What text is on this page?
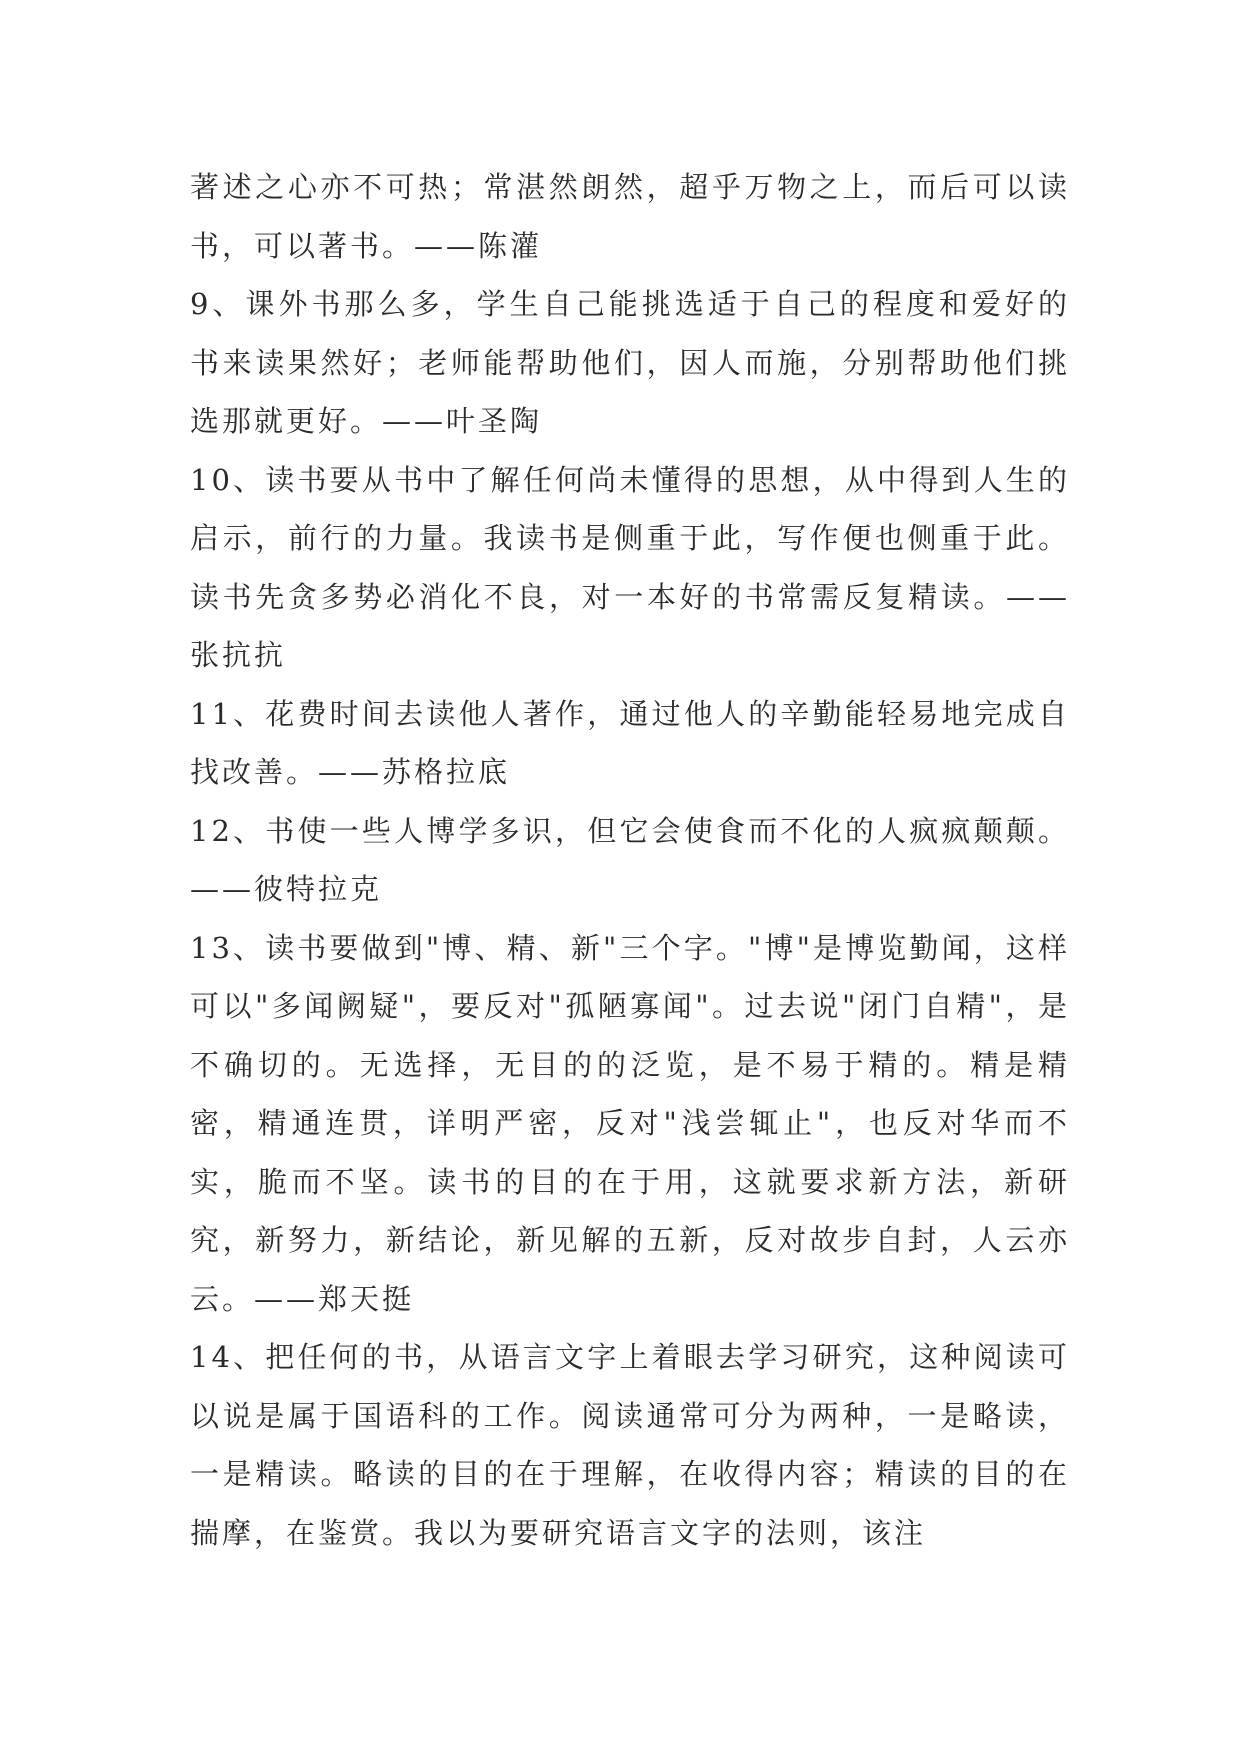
著述之心亦不可热；常湛然朗然，超乎万物之上，而后可以读书，可以著书。——陈灌

9、课外书那么多，学生自己能挑选适于自己的程度和爱好的书来读果然好；老师能帮助他们，因人而施，分别帮助他们挑选那就更好。——叶圣陶

10、读书要从书中了解任何尚未懂得的思想，从中得到人生的启示，前行的力量。我读书是侧重于此，写作便也侧重于此。读书先贪多势必消化不良，对一本好的书常需反复精读。——张抗抗

11、花费时间去读他人著作，通过他人的辛勤能轻易地完成自找改善。——苏格拉底

12、书使一些人博学多识，但它会使食而不化的人疯疯颠颠。——彼特拉克

13、读书要做到"博、精、新"三个字。"博"是博览勤闻，这样可以"多闻阙疑"，要反对"孤陋寡闻"。过去说"闭门自精"，是不确切的。无选择，无目的的泛览，是不易于精的。精是精密，精通连贯，详明严密，反对"浅尝辄止"，也反对华而不实，脆而不坚。读书的目的在于用，这就要求新方法，新研究，新努力，新结论，新见解的五新，反对故步自封，人云亦云。——郑天挺

14、把任何的书，从语言文字上着眼去学习研究，这种阅读可以说是属于国语科的工作。阅读通常可分为两种，一是略读，一是精读。略读的目的在于理解，在收得内容；精读的目的在揣摩，在鉴赏。我以为要研究语言文字的法则，该注
